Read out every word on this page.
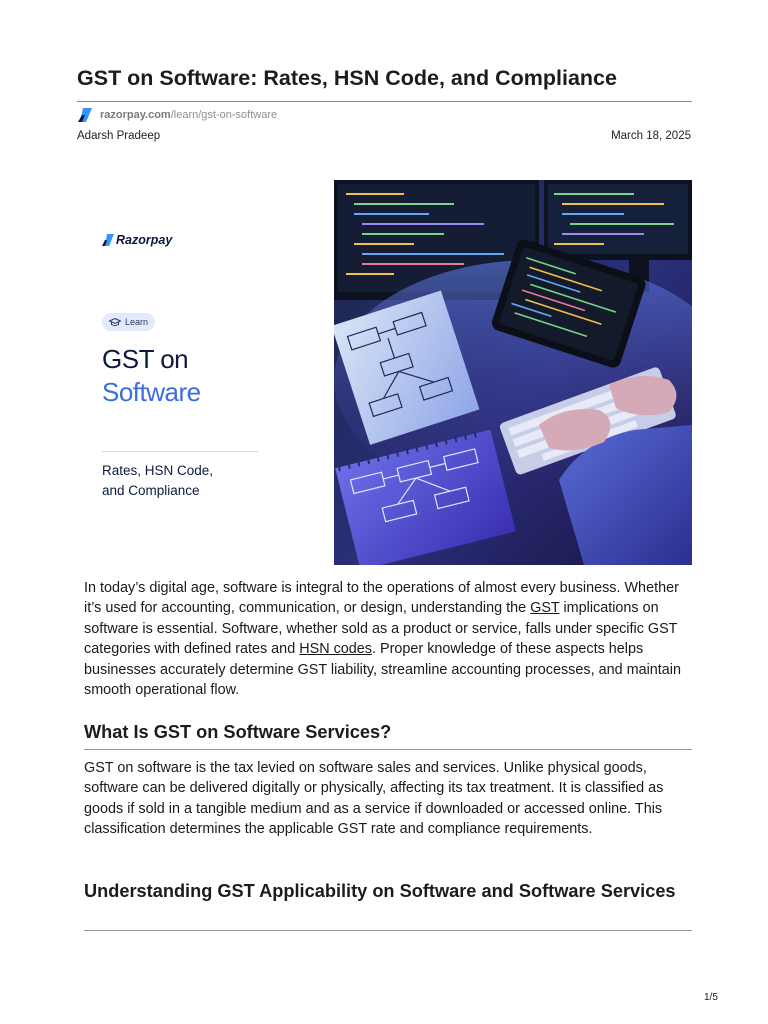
GST on Software: Rates, HSN Code, and Compliance
razorpay.com /learn/gst-on-software
Adarsh Pradeep	March 18, 2025
Razorpay
Learn
GST on
Software
Rates, HSN Code,
and Compliance

In today’s digital age, software is integral to the operations of almost every business. Whether it’s used for accounting, communication, or design, understanding the GST implications on software is essential. Software, whether sold as a product or service, falls under specific GST categories with defined rates and HSN codes. Proper knowledge of these aspects helps businesses accurately determine GST liability, streamline accounting processes, and maintain smooth operational flow.

What Is GST on Software Services?

GST on software is the tax levied on software sales and services. Unlike physical goods, software can be delivered digitally or physically, affecting its tax treatment. It is classified as goods if sold in a tangible medium and as a service if downloaded or accessed online. This classification determines the applicable GST rate and compliance requirements.

Understanding GST Applicability on Software and Software Services
1/5
